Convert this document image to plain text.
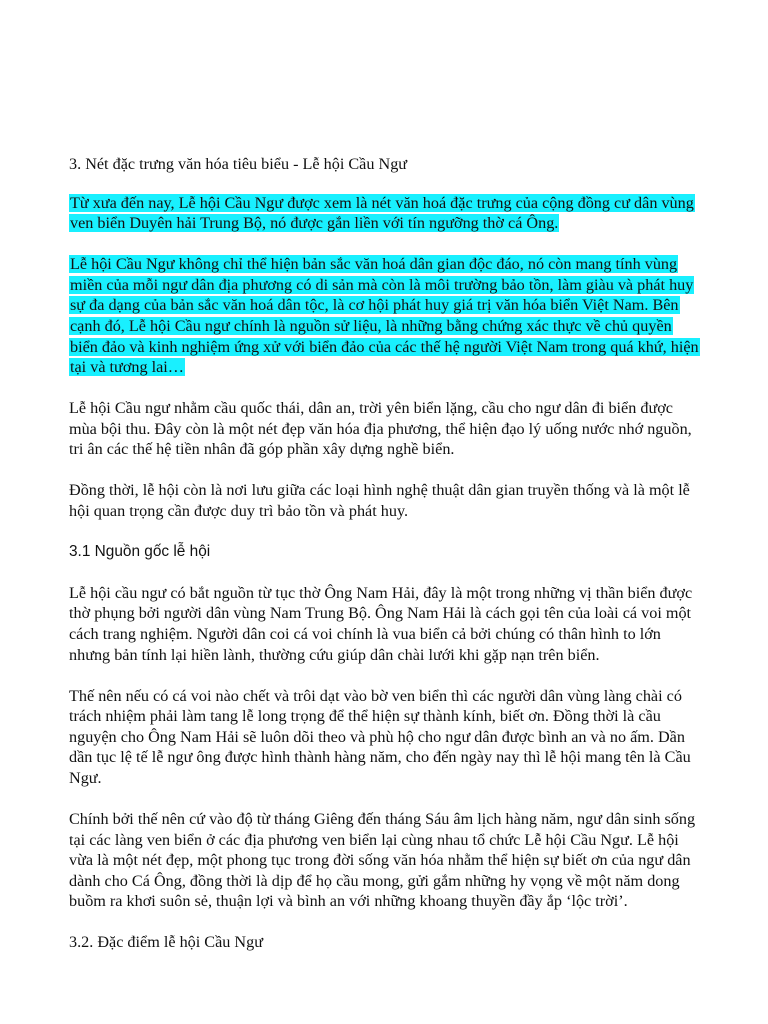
3. Nét đặc trưng văn hóa tiêu biểu - Lễ hội Cầu Ngư

Từ xưa đến nay, Lễ hội Cầu Ngư được xem là nét văn hoá đặc trưng của cộng đồng cư dân vùng ven biển Duyên hải Trung Bộ, nó được gắn liền với tín ngưỡng thờ cá Ông.

Lễ hội Cầu Ngư không chỉ thể hiện bản sắc văn hoá dân gian độc đáo, nó còn mang tính vùng miền của mỗi ngư dân địa phương có di sản mà còn là môi trường bảo tồn, làm giàu và phát huy sự đa dạng của bản sắc văn hoá dân tộc, là cơ hội phát huy giá trị văn hóa biển Việt Nam. Bên cạnh đó, Lễ hội Cầu ngư chính là nguồn sử liệu, là những bằng chứng xác thực về chủ quyền biển đảo và kinh nghiệm ứng xử với biển đảo của các thế hệ người Việt Nam trong quá khứ, hiện tại và tương lai…

Lễ hội Cầu ngư nhằm cầu quốc thái, dân an, trời yên biển lặng, cầu cho ngư dân đi biển được mùa bội thu. Đây còn là một nét đẹp văn hóa địa phương, thể hiện đạo lý uống nước nhớ nguồn, tri ân các thế hệ tiền nhân đã góp phần xây dựng nghề biển.

Đồng thời, lễ hội còn là nơi lưu giữa các loại hình nghệ thuật dân gian truyền thống và là một lễ hội quan trọng cần được duy trì bảo tồn và phát huy.

3.1 Nguồn gốc lễ hội

Lễ hội cầu ngư có bắt nguồn từ tục thờ Ông Nam Hải, đây là một trong những vị thần biển được thờ phụng bởi người dân vùng Nam Trung Bộ. Ông Nam Hải là cách gọi tên của loài cá voi một cách trang nghiệm. Người dân coi cá voi chính là vua biển cả bởi chúng có thân hình to lớn nhưng bản tính lại hiền lành, thường cứu giúp dân chài lưới khi gặp nạn trên biển.

Thế nên nếu có cá voi nào chết và trôi dạt vào bờ ven biển thì các người dân vùng làng chài có trách nhiệm phải làm tang lễ long trọng để thể hiện sự thành kính, biết ơn. Đồng thời là cầu nguyện cho Ông Nam Hải sẽ luôn dõi theo và phù hộ cho ngư dân được bình an và no ấm. Dần dần tục lệ tế lễ ngư ông được hình thành hàng năm, cho đến ngày nay thì lễ hội mang tên là Cầu Ngư.

Chính bởi thế nên cứ vào độ từ tháng Giêng đến tháng Sáu âm lịch hàng năm, ngư dân sinh sống tại các làng ven biển ở các địa phương ven biển lại cùng nhau tổ chức Lễ hội Cầu Ngư. Lễ hội vừa là một nét đẹp, một phong tục trong đời sống văn hóa nhằm thể hiện sự biết ơn của ngư dân dành cho Cá Ông, đồng thời là dịp để họ cầu mong, gửi gắm những hy vọng về một năm dong buồm ra khơi suôn sẻ, thuận lợi và bình an với những khoang thuyền đầy ắp ‘lộc trời’.

3.2. Đặc điểm lễ hội Cầu Ngư
